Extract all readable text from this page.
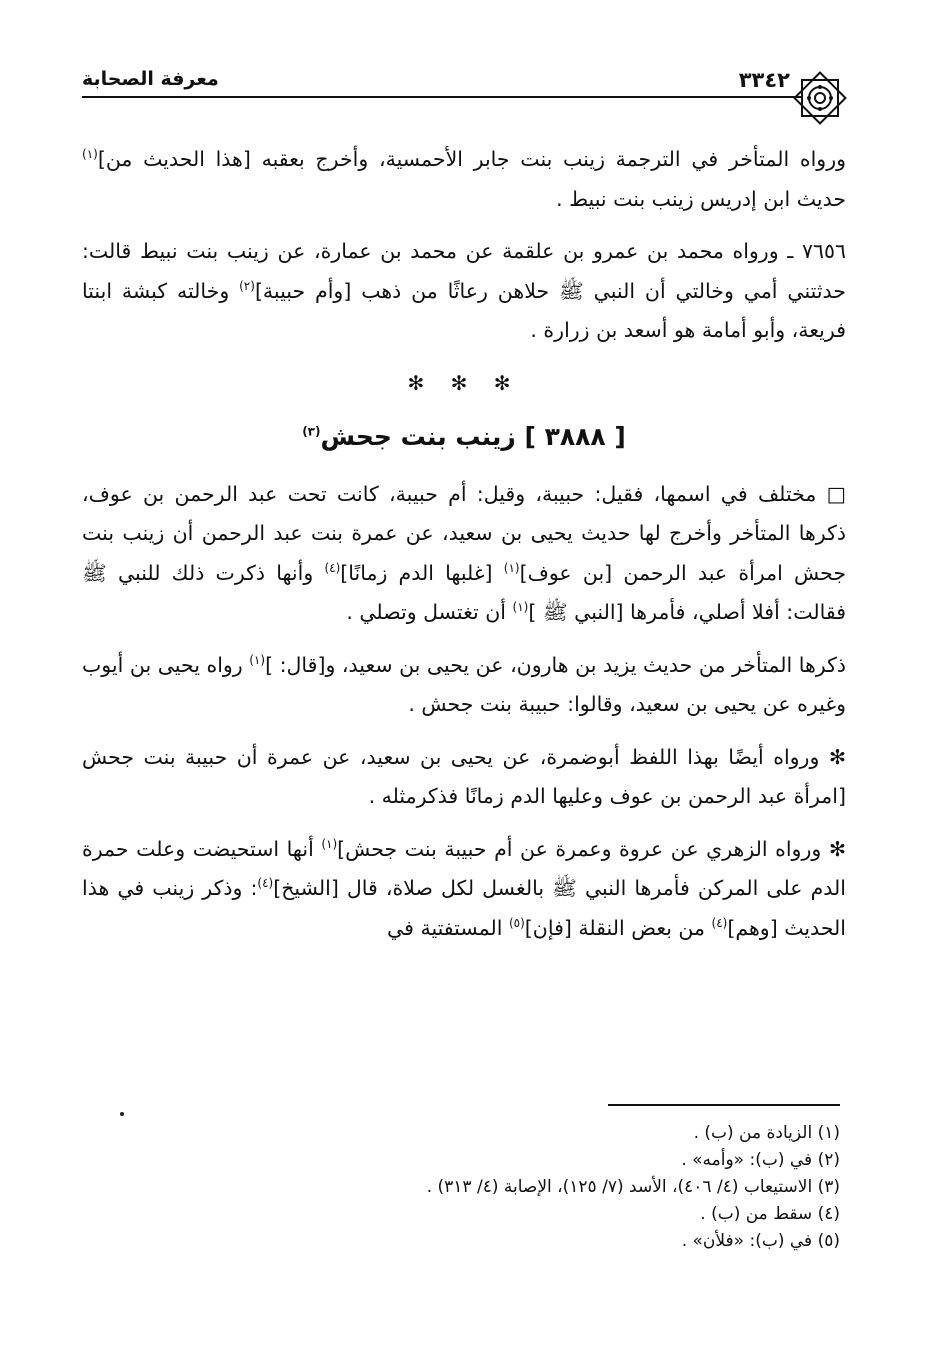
٣٣٤٢
معرفة الصحابة

ورواه المتأخر في الترجمة زينب بنت جابر الأحمسية، وأخرج بعقبه [هذا الحديث من]$^{(١)}$ حديث ابن إدريس زينب بنت نبيط .

٧٦٥٦ ـ ورواه محمد بن عمرو بن علقمة عن محمد بن عمارة، عن زينب بنت نبيط قالت: حدثتني أمي وخالتي أن النبي ﷺ حلاهن رعاثًا من ذهب [وأم حبيبة]$^{(٢)}$ وخالته كبشة ابنتا فريعة، وأبو أمامة هو أسعد بن زرارة .

✻ ✻ ✻
[ ٣٨٨٨ ] زينب بنت جحش$^{(٣)}$

□ مختلف في اسمها، فقيل: حبيبة، وقيل: أم حبيبة، كانت تحت عبد الرحمن بن عوف، ذكرها المتأخر وأخرج لها حديث يحيى بن سعيد، عن عمرة بنت عبد الرحمن أن زينب بنت جحش امرأة عبد الرحمن [بن عوف]$^{(١)}$ [غلبها الدم زمانًا]$^{(٤)}$ وأنها ذكرت ذلك للنبي ﷺ فقالت: أفلا أصلي، فأمرها [النبي ﷺ ]$^{(١)}$ أن تغتسل وتصلي .

ذكرها المتأخر من حديث يزيد بن هارون، عن يحيى بن سعيد، و[قال: ]$^{(١)}$ رواه يحيى بن أيوب وغيره عن يحيى بن سعيد، وقالوا: حبيبة بنت جحش .

✻ ورواه أيضًا بهذا اللفظ أبوضمرة، عن يحيى بن سعيد، عن عمرة أن حبيبة بنت جحش [امرأة عبد الرحمن بن عوف وعليها الدم زمانًا فذكرمثله .

✻ ورواه الزهري عن عروة وعمرة عن أم حبيبة بنت جحش]$^{(١)}$ أنها استحيضت وعلت حمرة الدم على المركن فأمرها النبي ﷺ بالغسل لكل صلاة، قال [الشيخ]$^{(٤)}$: وذكر زينب في هذا الحديث [وهم]$^{(٤)}$ من بعض النقلة [فإن]$^{(٥)}$ المستفتية في

(١) الزيادة من (ب) .
(٢) في (ب): «وأمه» .
(٣) الاستيعاب (٤/ ٤٠٦)، الأسد (٧/ ١٢٥)، الإصابة (٤/ ٣١٣) .
(٤) سقط من (ب) .
(٥) في (ب): «فلأن» .
